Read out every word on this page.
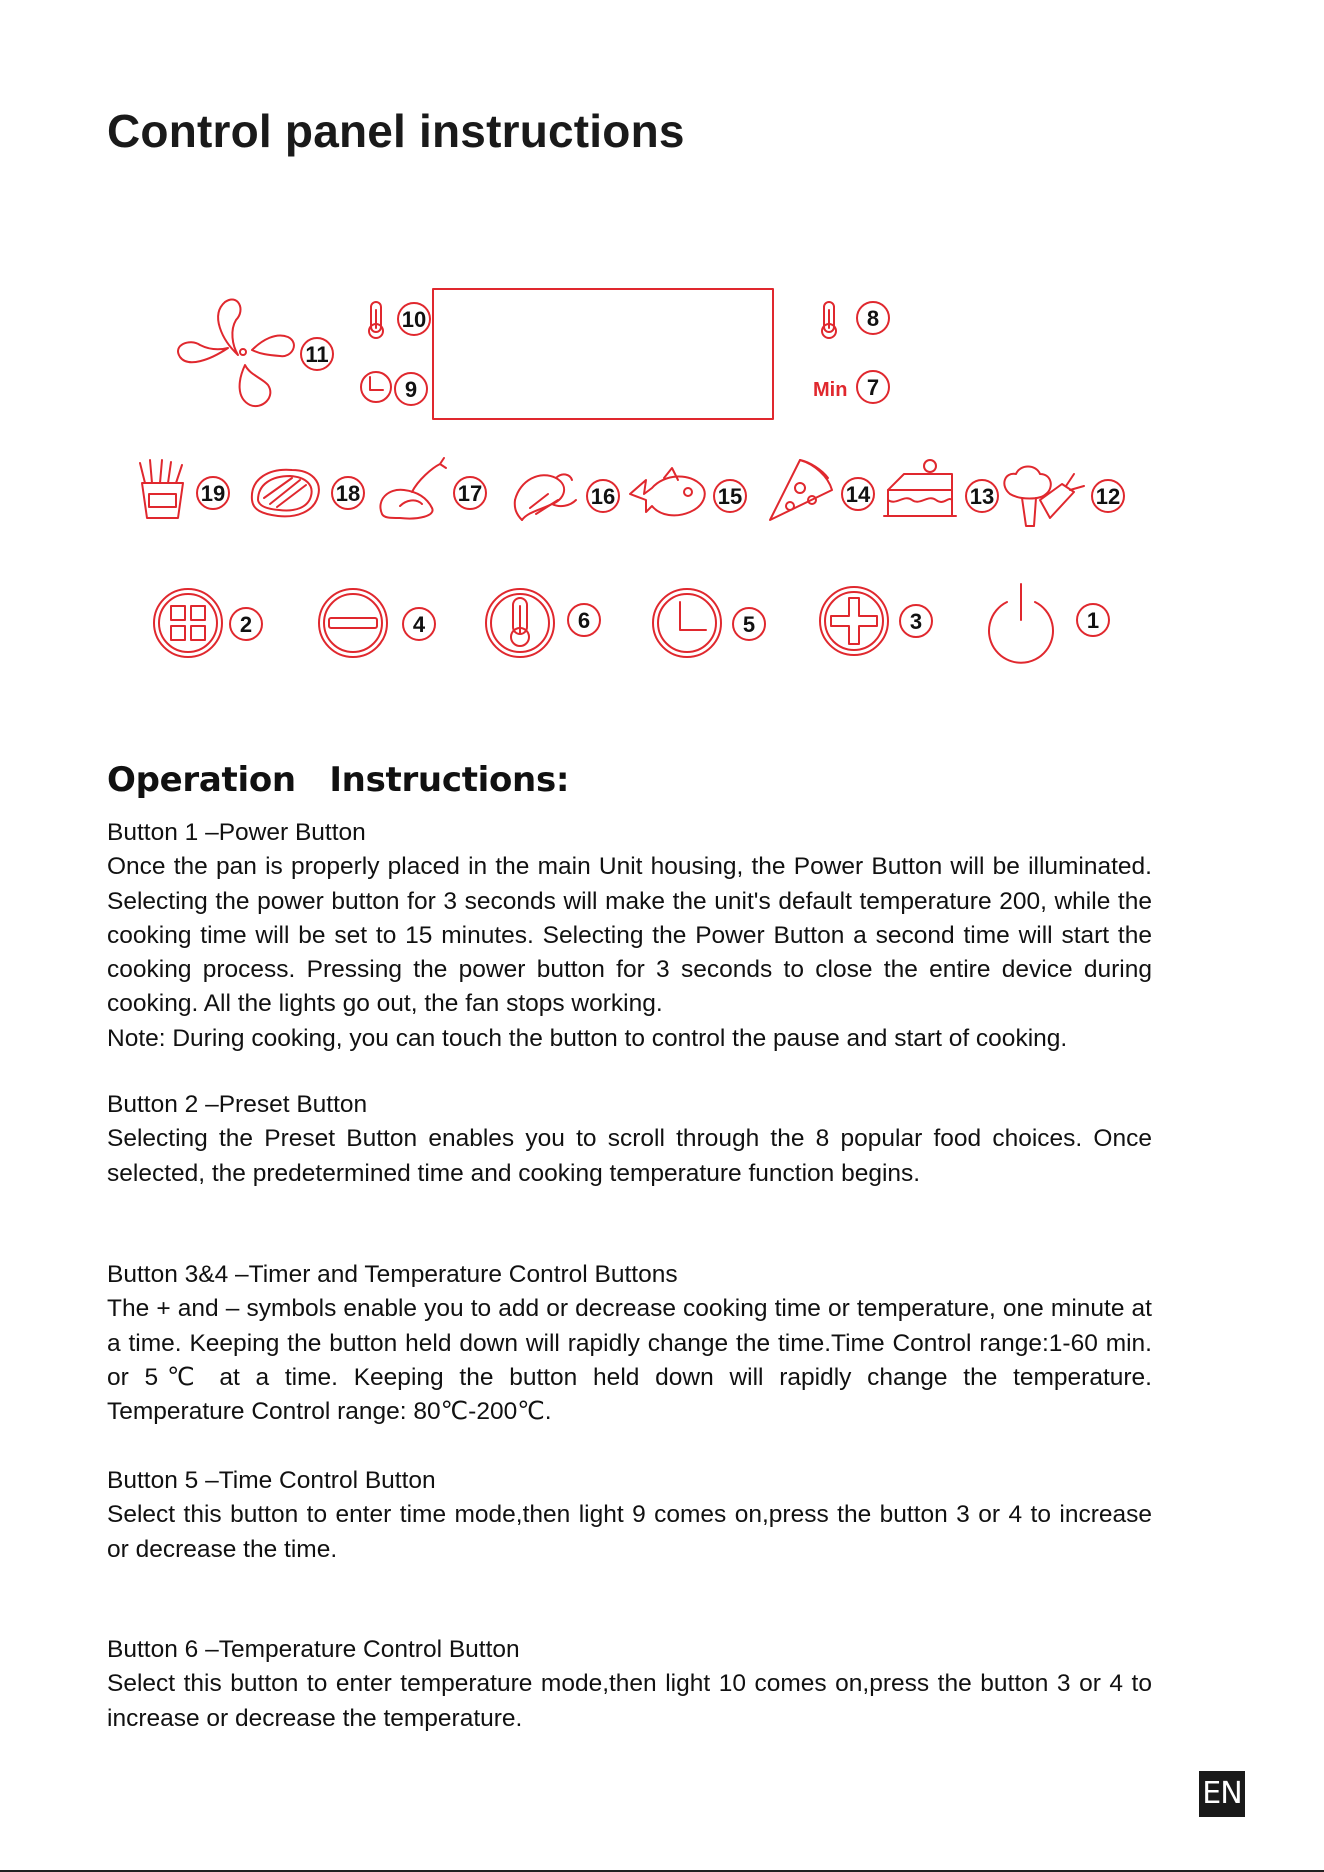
Control panel instructions
Min
10
9
11
8
7
19	18	17	16	15	14	13	12
2	4	6	5	3	1
Operation Instructions:

Button 1 –Power Button

Once the pan is properly placed in the main Unit housing, the Power Button will be illuminated. Selecting the power button for 3 seconds will make the unit's default temperature 200, while the cooking time will be set to 15 minutes. Selecting the Power Button a second time will start the cooking process. Pressing the power button for 3 seconds to close the entire device during cooking. All the lights go out, the fan stops working.

Note: During cooking, you can touch the button to control the pause and start of cooking.

Button 2 –Preset Button

Selecting the Preset Button enables you to scroll through the 8 popular food choices. Once selected, the predetermined time and cooking temperature function begins.

Button 3&4 –Timer and Temperature Control Buttons

The + and – symbols enable you to add or decrease cooking time or temperature, one minute at a time. Keeping the button held down will rapidly change the time.Time Control range:1-60 min. or 5℃ at a time. Keeping the button held down will rapidly change the temperature. Temperature Control range: 80℃-200℃.

Button 5 –Time Control Button

Select this button to enter time mode,then light 9 comes on,press the button 3 or 4 to increase or decrease the time.

Button 6 –Temperature Control Button

Select this button to enter temperature mode,then light 10 comes on,press the button 3 or 4 to increase or decrease the temperature.

EN
